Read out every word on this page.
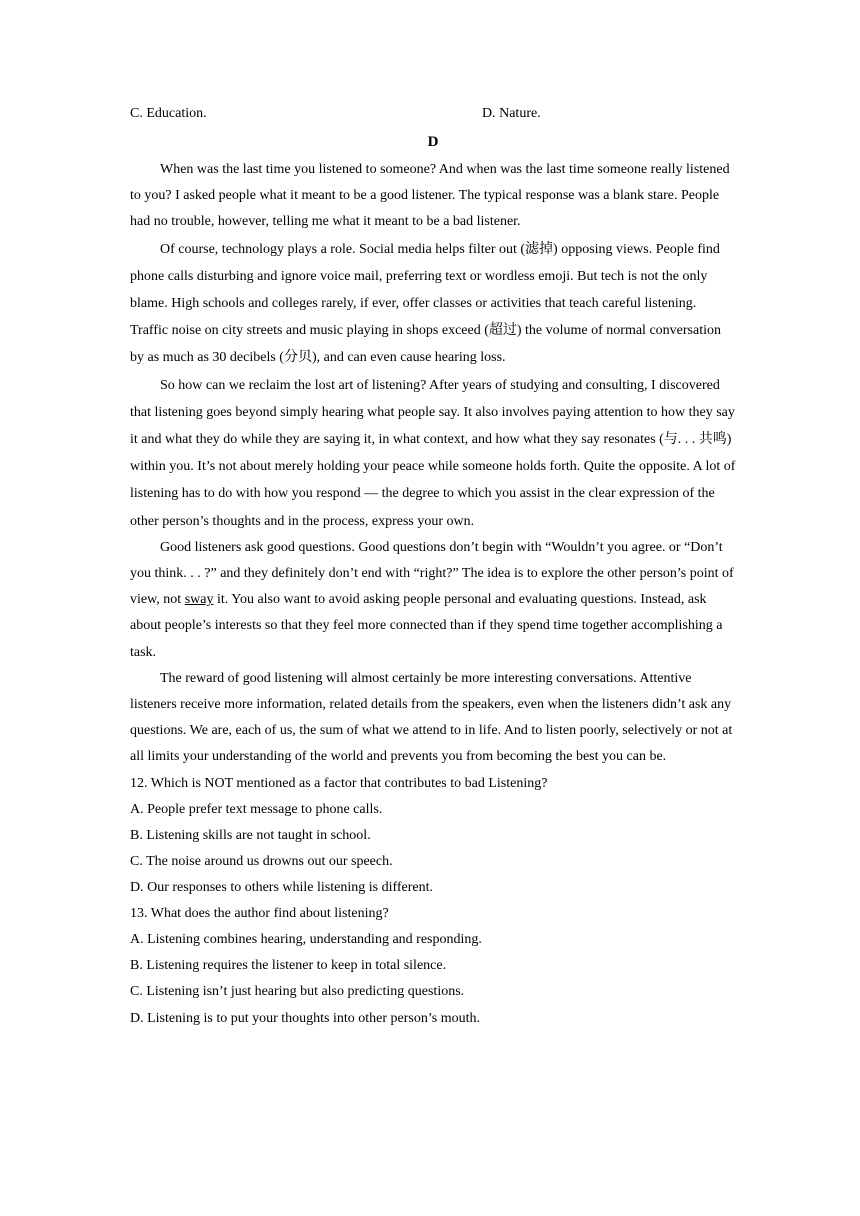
C. Education.	D. Nature.
D

When was the last time you listened to someone? And when was the last time someone really listened to you? I asked people what it meant to be a good listener. The typical response was a blank stare. People had no trouble, however, telling me what it meant to be a bad listener.

Of course, technology plays a role. Social media helps filter out (滤掉) opposing views. People find phone calls disturbing and ignore voice mail, preferring text or wordless emoji. But tech is not the only blame. High schools and colleges rarely, if ever, offer classes or activities that teach careful listening. Traffic noise on city streets and music playing in shops exceed (超过) the volume of normal conversation by as much as 30 decibels (分贝), and can even cause hearing loss.

So how can we reclaim the lost art of listening? After years of studying and consulting, I discovered that listening goes beyond simply hearing what people say. It also involves paying attention to how they say it and what they do while they are saying it, in what context, and how what they say resonates (与. . . 共鸣) within you. It’s not about merely holding your peace while someone holds forth. Quite the opposite. A lot of listening has to do with how you respond — the degree to which you assist in the clear expression of the other person’s thoughts and in the process, express your own.

Good listeners ask good questions. Good questions don’t begin with “Wouldn’t you agree. or “Don’t you think. . . ?” and they definitely don’t end with “right?” The idea is to explore the other person’s point of view, not sway it. You also want to avoid asking people personal and evaluating questions. Instead, ask about people’s interests so that they feel more connected than if they spend time together accomplishing a task.

The reward of good listening will almost certainly be more interesting conversations. Attentive listeners receive more information, related details from the speakers, even when the listeners didn’t ask any questions. We are, each of us, the sum of what we attend to in life. And to listen poorly, selectively or not at all limits your understanding of the world and prevents you from becoming the best you can be.

12. Which is NOT mentioned as a factor that contributes to bad Listening?
A. People prefer text message to phone calls.
B. Listening skills are not taught in school.
C. The noise around us drowns out our speech.
D. Our responses to others while listening is different.
13. What does the author find about listening?
A. Listening combines hearing, understanding and responding.
B. Listening requires the listener to keep in total silence.
C. Listening isn’t just hearing but also predicting questions.
D. Listening is to put your thoughts into other person’s mouth.
